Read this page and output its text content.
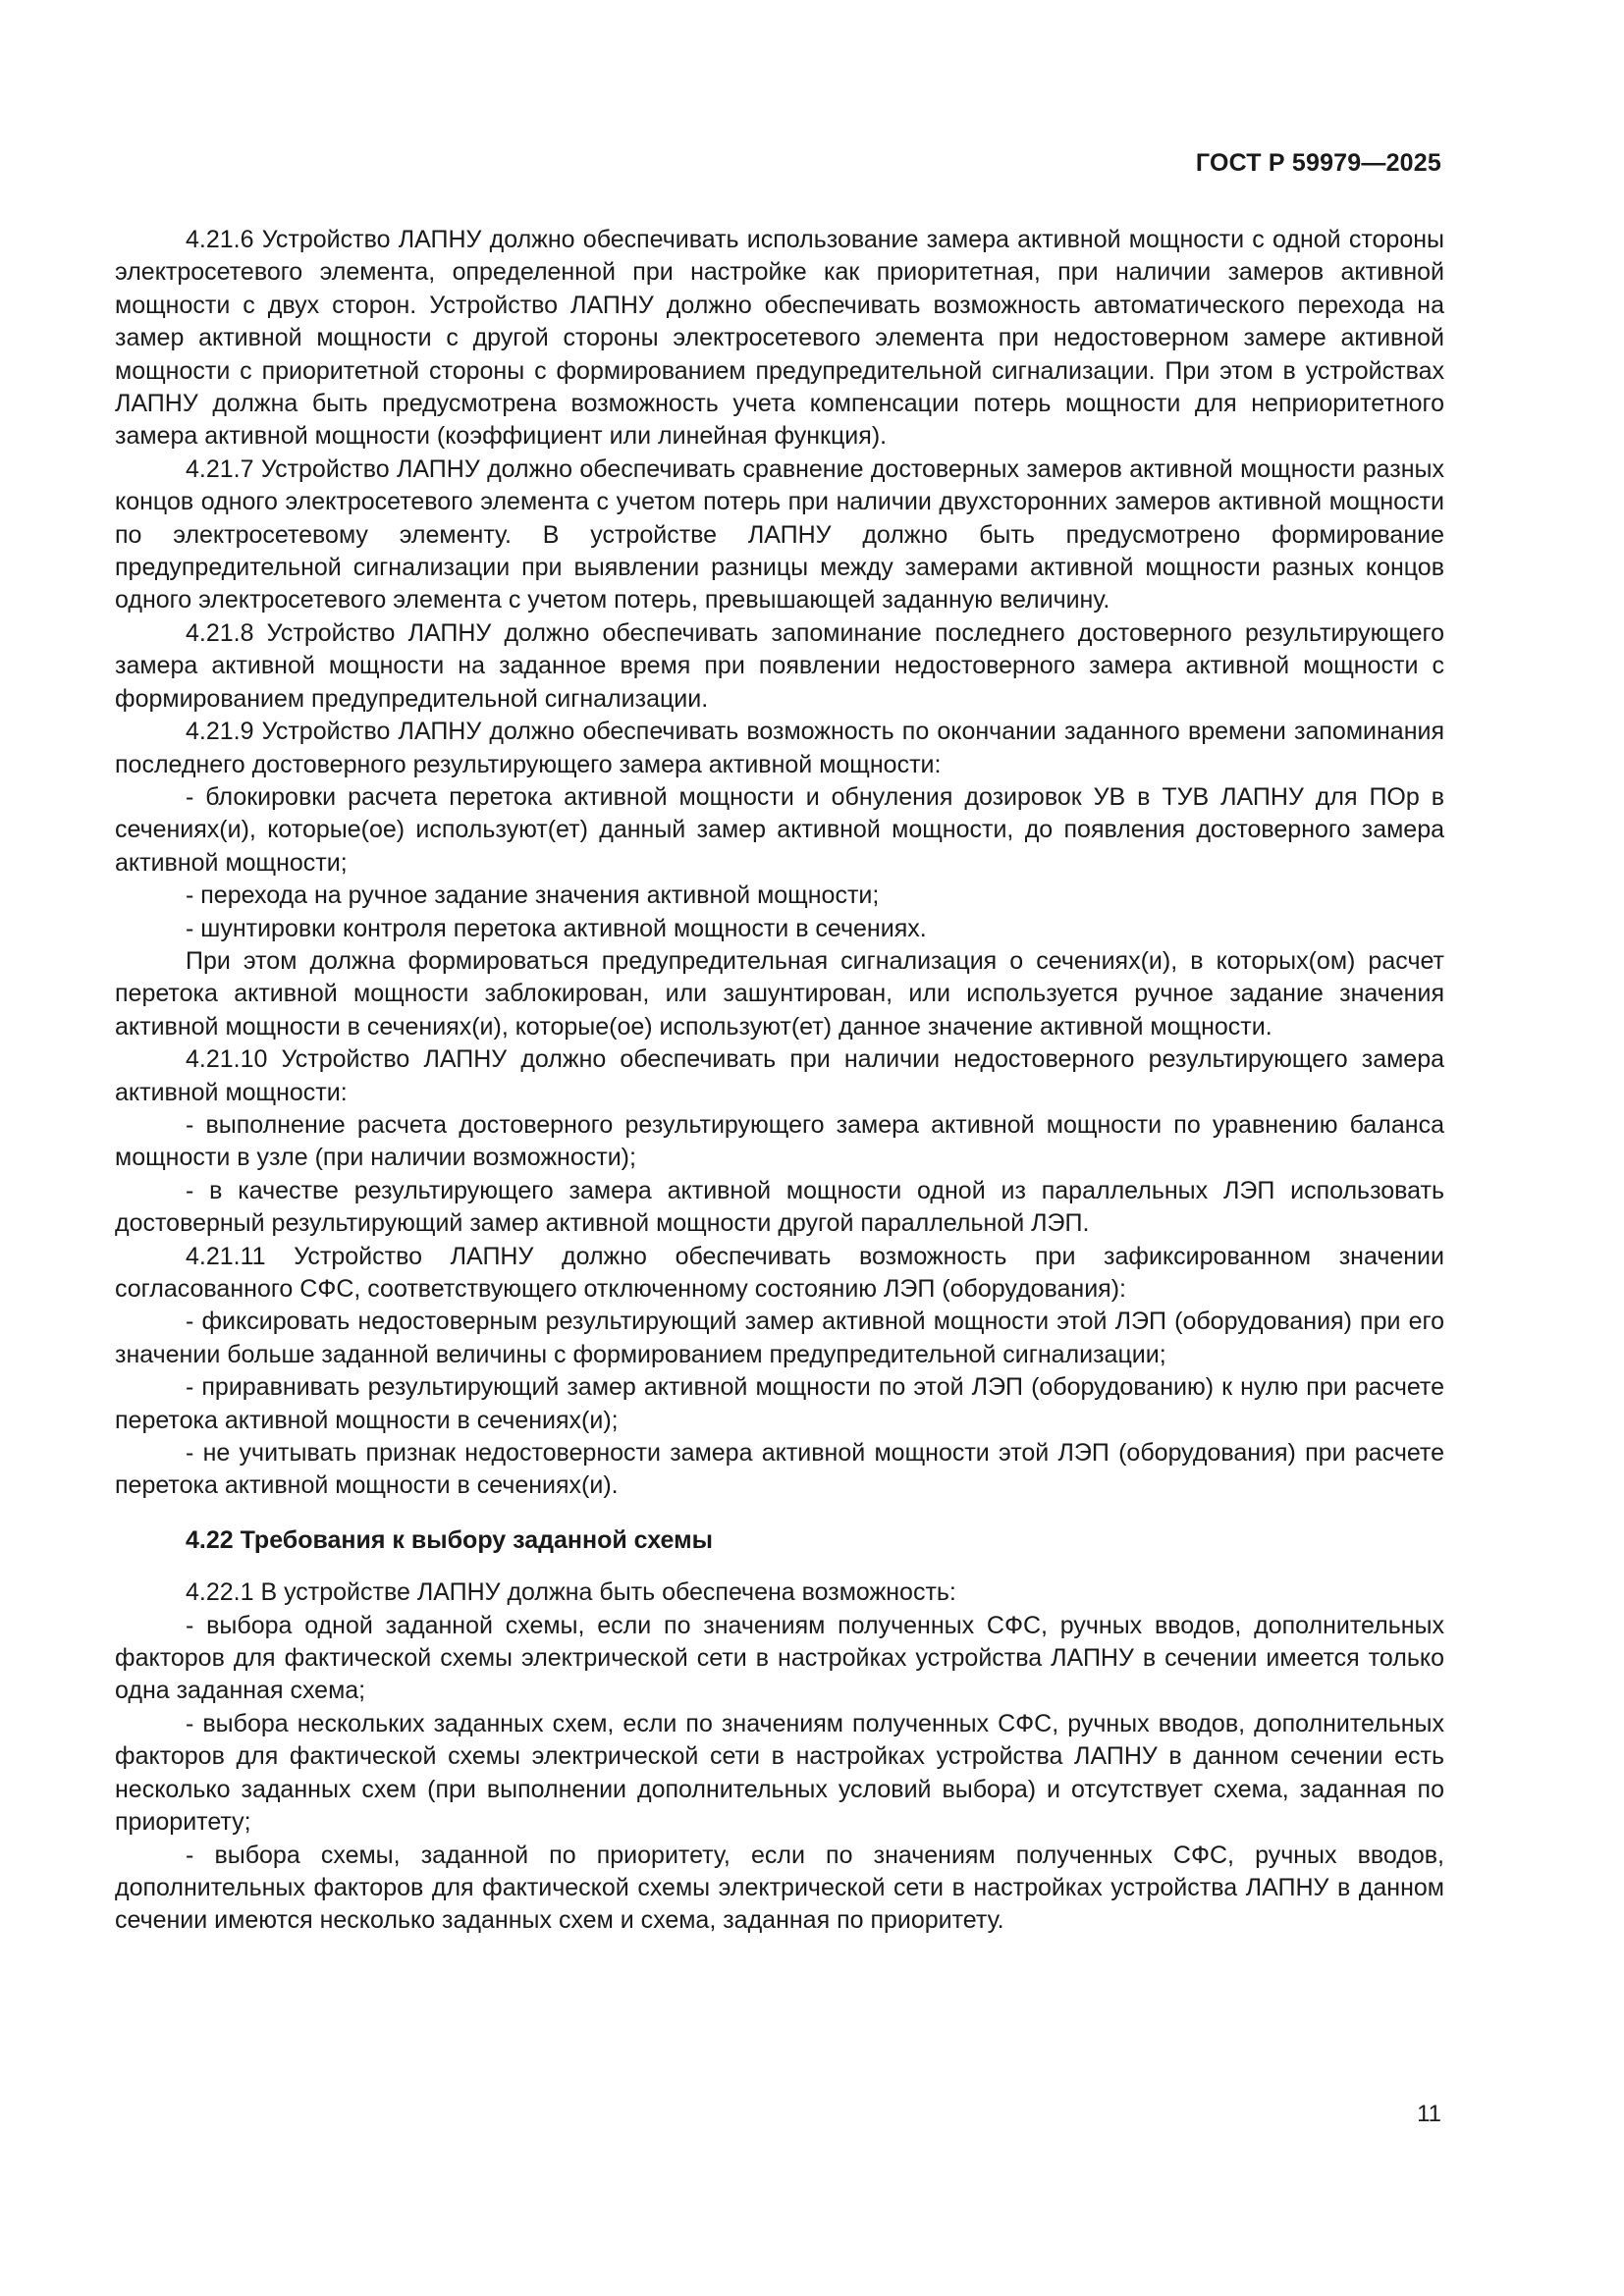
ГОСТ Р 59979—2025

4.21.6 Устройство ЛАПНУ должно обеспечивать использование замера активной мощности с одной стороны электросетевого элемента, определенной при настройке как приоритетная, при наличии замеров активной мощности с двух сторон. Устройство ЛАПНУ должно обеспечивать возможность автоматического перехода на замер активной мощности с другой стороны электросетевого элемента при недостоверном замере активной мощности с приоритетной стороны с формированием предупредительной сигнализации. При этом в устройствах ЛАПНУ должна быть предусмотрена возможность учета компенсации потерь мощности для неприоритетного замера активной мощности (коэффициент или линейная функция).

4.21.7 Устройство ЛАПНУ должно обеспечивать сравнение достоверных замеров активной мощности разных концов одного электросетевого элемента с учетом потерь при наличии двухсторонних замеров активной мощности по электросетевому элементу. В устройстве ЛАПНУ должно быть предусмотрено формирование предупредительной сигнализации при выявлении разницы между замерами активной мощности разных концов одного электросетевого элемента с учетом потерь, превышающей заданную величину.

4.21.8 Устройство ЛАПНУ должно обеспечивать запоминание последнего достоверного результирующего замера активной мощности на заданное время при появлении недостоверного замера активной мощности с формированием предупредительной сигнализации.

4.21.9 Устройство ЛАПНУ должно обеспечивать возможность по окончании заданного времени запоминания последнего достоверного результирующего замера активной мощности:

- блокировки расчета перетока активной мощности и обнуления дозировок УВ в ТУВ ЛАПНУ для ПОр в сечениях(и), которые(ое) используют(ет) данный замер активной мощности, до появления достоверного замера активной мощности;

- перехода на ручное задание значения активной мощности;

- шунтировки контроля перетока активной мощности в сечениях.

При этом должна формироваться предупредительная сигнализация о сечениях(и), в которых(ом) расчет перетока активной мощности заблокирован, или зашунтирован, или используется ручное задание значения активной мощности в сечениях(и), которые(ое) используют(ет) данное значение активной мощности.

4.21.10 Устройство ЛАПНУ должно обеспечивать при наличии недостоверного результирующего замера активной мощности:

- выполнение расчета достоверного результирующего замера активной мощности по уравнению баланса мощности в узле (при наличии возможности);

- в качестве результирующего замера активной мощности одной из параллельных ЛЭП использовать достоверный результирующий замер активной мощности другой параллельной ЛЭП.

4.21.11 Устройство ЛАПНУ должно обеспечивать возможность при зафиксированном значении согласованного СФС, соответствующего отключенному состоянию ЛЭП (оборудования):

- фиксировать недостоверным результирующий замер активной мощности этой ЛЭП (оборудования) при его значении больше заданной величины с формированием предупредительной сигнализации;

- приравнивать результирующий замер активной мощности по этой ЛЭП (оборудованию) к нулю при расчете перетока активной мощности в сечениях(и);

- не учитывать признак недостоверности замера активной мощности этой ЛЭП (оборудования) при расчете перетока активной мощности в сечениях(и).

4.22 Требования к выбору заданной схемы

4.22.1 В устройстве ЛАПНУ должна быть обеспечена возможность:

- выбора одной заданной схемы, если по значениям полученных СФС, ручных вводов, дополнительных факторов для фактической схемы электрической сети в настройках устройства ЛАПНУ в сечении имеется только одна заданная схема;

- выбора нескольких заданных схем, если по значениям полученных СФС, ручных вводов, дополнительных факторов для фактической схемы электрической сети в настройках устройства ЛАПНУ в данном сечении есть несколько заданных схем (при выполнении дополнительных условий выбора) и отсутствует схема, заданная по приоритету;

- выбора схемы, заданной по приоритету, если по значениям полученных СФС, ручных вводов, дополнительных факторов для фактической схемы электрической сети в настройках устройства ЛАПНУ в данном сечении имеются несколько заданных схем и схема, заданная по приоритету.

11
